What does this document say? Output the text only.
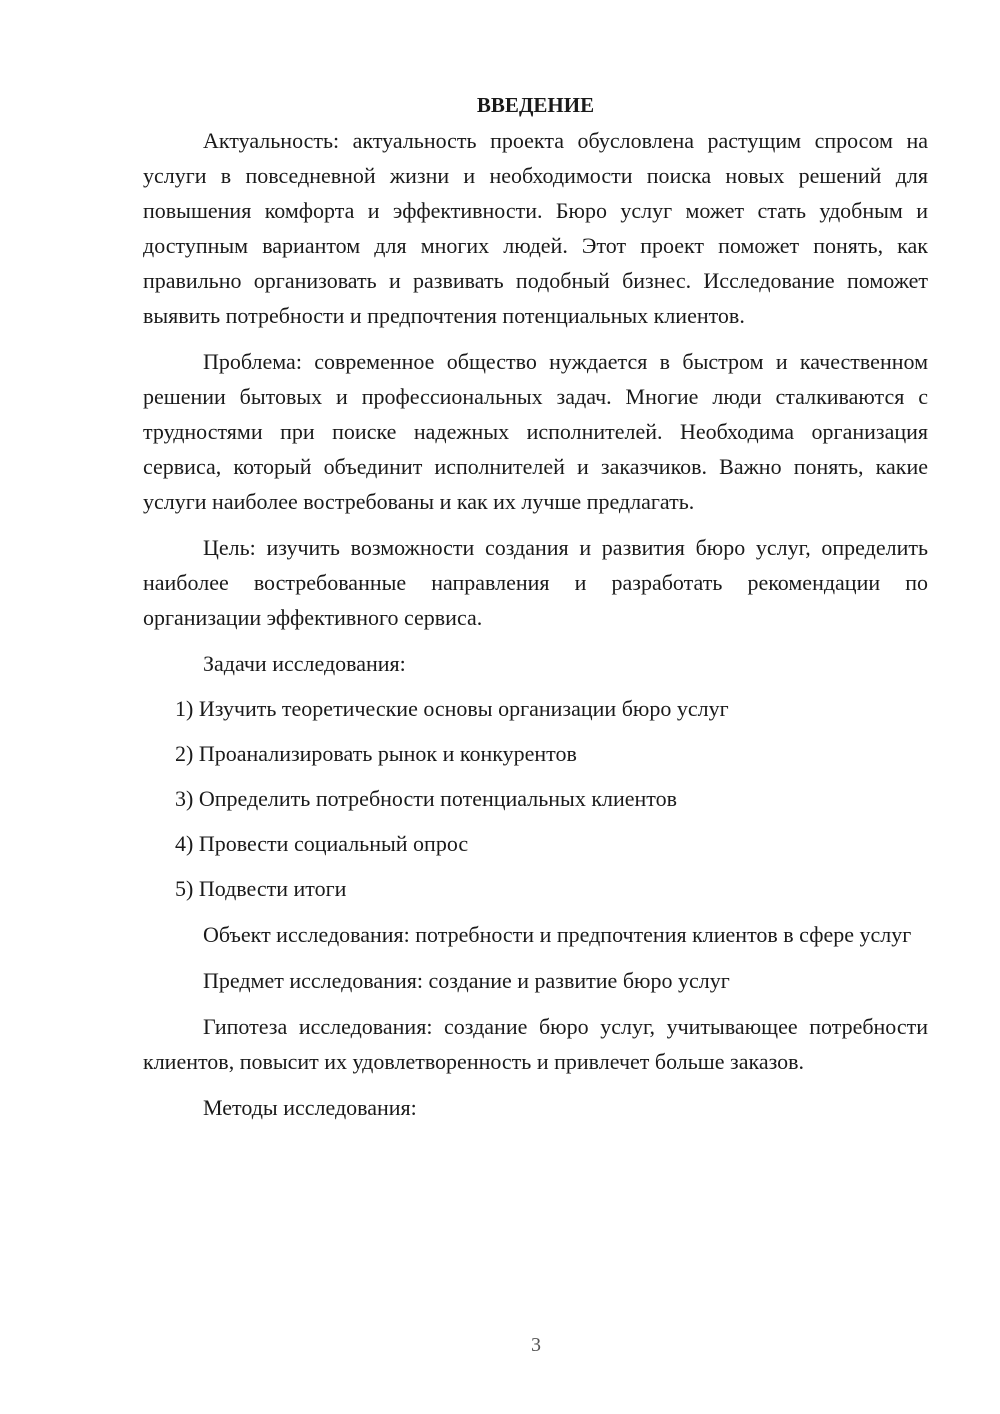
ВВЕДЕНИЕ

Актуальность: актуальность проекта обусловлена растущим спросом на услуги в повседневной жизни и необходимости поиска новых решений для повышения комфорта и эффективности. Бюро услуг может стать удобным и доступным вариантом для многих людей. Этот проект поможет понять, как правильно организовать и развивать подобный бизнес. Исследование поможет выявить потребности и предпочтения потенциальных клиентов.

Проблема: современное общество нуждается в быстром и качественном решении бытовых и профессиональных задач. Многие люди сталкиваются с трудностями при поиске надежных исполнителей. Необходима организация сервиса, который объединит исполнителей и заказчиков. Важно понять, какие услуги наиболее востребованы и как их лучше предлагать.

Цель: изучить возможности создания и развития бюро услуг, определить наиболее востребованные направления и разработать рекомендации по организации эффективного сервиса.

Задачи исследования:

1) Изучить теоретические основы организации бюро услуг
2) Проанализировать рынок и конкурентов
3) Определить потребности потенциальных клиентов
4) Провести социальный опрос
5) Подвести итоги

Объект исследования: потребности и предпочтения клиентов в сфере услуг

Предмет исследования: создание и развитие бюро услуг

Гипотеза исследования: создание бюро услуг, учитывающее потребности клиентов, повысит их удовлетворенность и привлечет больше заказов.

Методы исследования:

3
